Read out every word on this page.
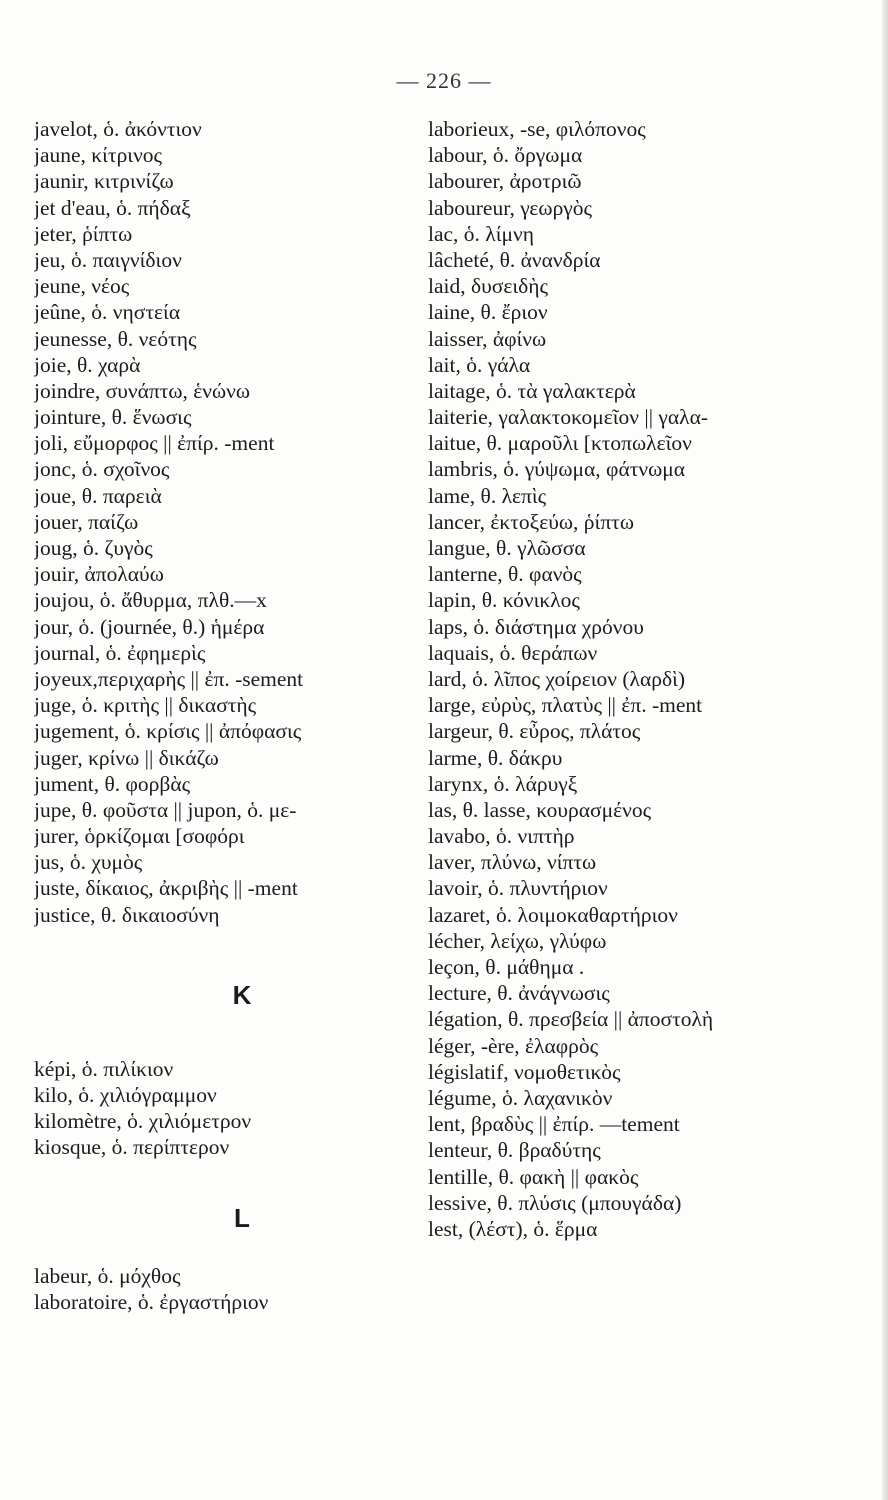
— 226 —
javelot, ὁ. ἀκόντιον
jaune, κίτρινος
jaunir, κιτρινίζω
jet d'eau, ὁ. πήδαξ
jeter, ῥίπτω
jeu, ὁ. παιγνίδιον
jeune, νέος
jeûne, ὁ. νηστεία
jeunesse, θ. νεότης
joie, θ. χαρὰ
joindre, συνάπτω, ἑνώνω
jointure, θ. ἕνωσις
joli, εὔμορφος || ἐπίρ. -ment
jonc, ὁ. σχοῖνος
joue, θ. παρειὰ
jouer, παίζω
joug, ὁ. ζυγὸς
jouir, ἀπολαύω
joujou, ὁ. ἄθυρμα, πλθ.—x
jour, ὁ. (journée, θ.) ἡμέρα
journal, ὁ. ἐφημερὶς
joyeux,περιχαρὴς || ἐπ. -sement
juge, ὁ. κριτὴς || δικαστὴς
jugement, ὁ. κρίσις || ἀπόφασις
juger, κρίνω || δικάζω
jument, θ. φορβὰς
jupe, θ. φοῦστα || jupon, ὁ. με-
jurer, ὁρκίζομαι [σοφόρι
jus, ὁ. χυμὸς
juste, δίκαιος, ἀκριβὴς || -ment
justice, θ. δικαιοσύνη
K
képi, ὁ. πιλίκιον
kilo, ὁ. χιλιόγραμμον
kilomètre, ὁ. χιλιόμετρον
kiosque, ὁ. περίπτερον
L
labeur, ὁ. μόχθος
laboratoire, ὁ. ἐργαστήριον
laborieux, -se, φιλόπονος
labour, ὁ. ὄργωμα
labourer, ἀροτριῶ
laboureur, γεωργὸς
lac, ὁ. λίμνη
lâcheté, θ. ἀνανδρία
laid, δυσειδὴς
laine, θ. ἔριον
laisser, ἀφίνω
lait, ὁ. γάλα
laitage, ὁ. τὰ γαλακτερὰ
laiterie, γαλακτοκομεῖον || γαλα-
laitue, θ. μαροῦλι [κτοπωλεῖον
lambris, ὁ. γύψωμα, φάτνωμα
lame, θ. λεπὶς
lancer, ἐκτοξεύω, ῥίπτω
langue, θ. γλῶσσα
lanterne, θ. φανὸς
lapin, θ. κόνικλος
laps, ὁ. διάστημα χρόνου
laquais, ὁ. θεράπων
lard, ὁ. λῖπος χοίρειον (λαρδὶ)
large, εὐρὺς, πλατὺς || ἐπ. -ment
largeur, θ. εὖρος, πλάτος
larme, θ. δάκρυ
larynx, ὁ. λάρυγξ
las, θ. lasse, κουρασμένος
lavabo, ὁ. νιπτὴρ
laver, πλύνω, νίπτω
lavoir, ὁ. πλυντήριον
lazaret, ὁ. λοιμοκαθαρτήριον
lécher, λείχω, γλύφω
leçon, θ. μάθημα .
lecture, θ. ἀνάγνωσις
légation, θ. πρεσβεία || ἀποστολὴ
léger, -ère, ἐλαφρὸς
législatif, νομοθετικὸς
légume, ὁ. λαχανικὸν
lent, βραδὺς || ἐπίρ. —tement
lenteur, θ. βραδύτης
lentille, θ. φακὴ || φακὸς
lessive, θ. πλύσις (μπουγάδα)
lest, (λέστ), ὁ. ἕρμα
